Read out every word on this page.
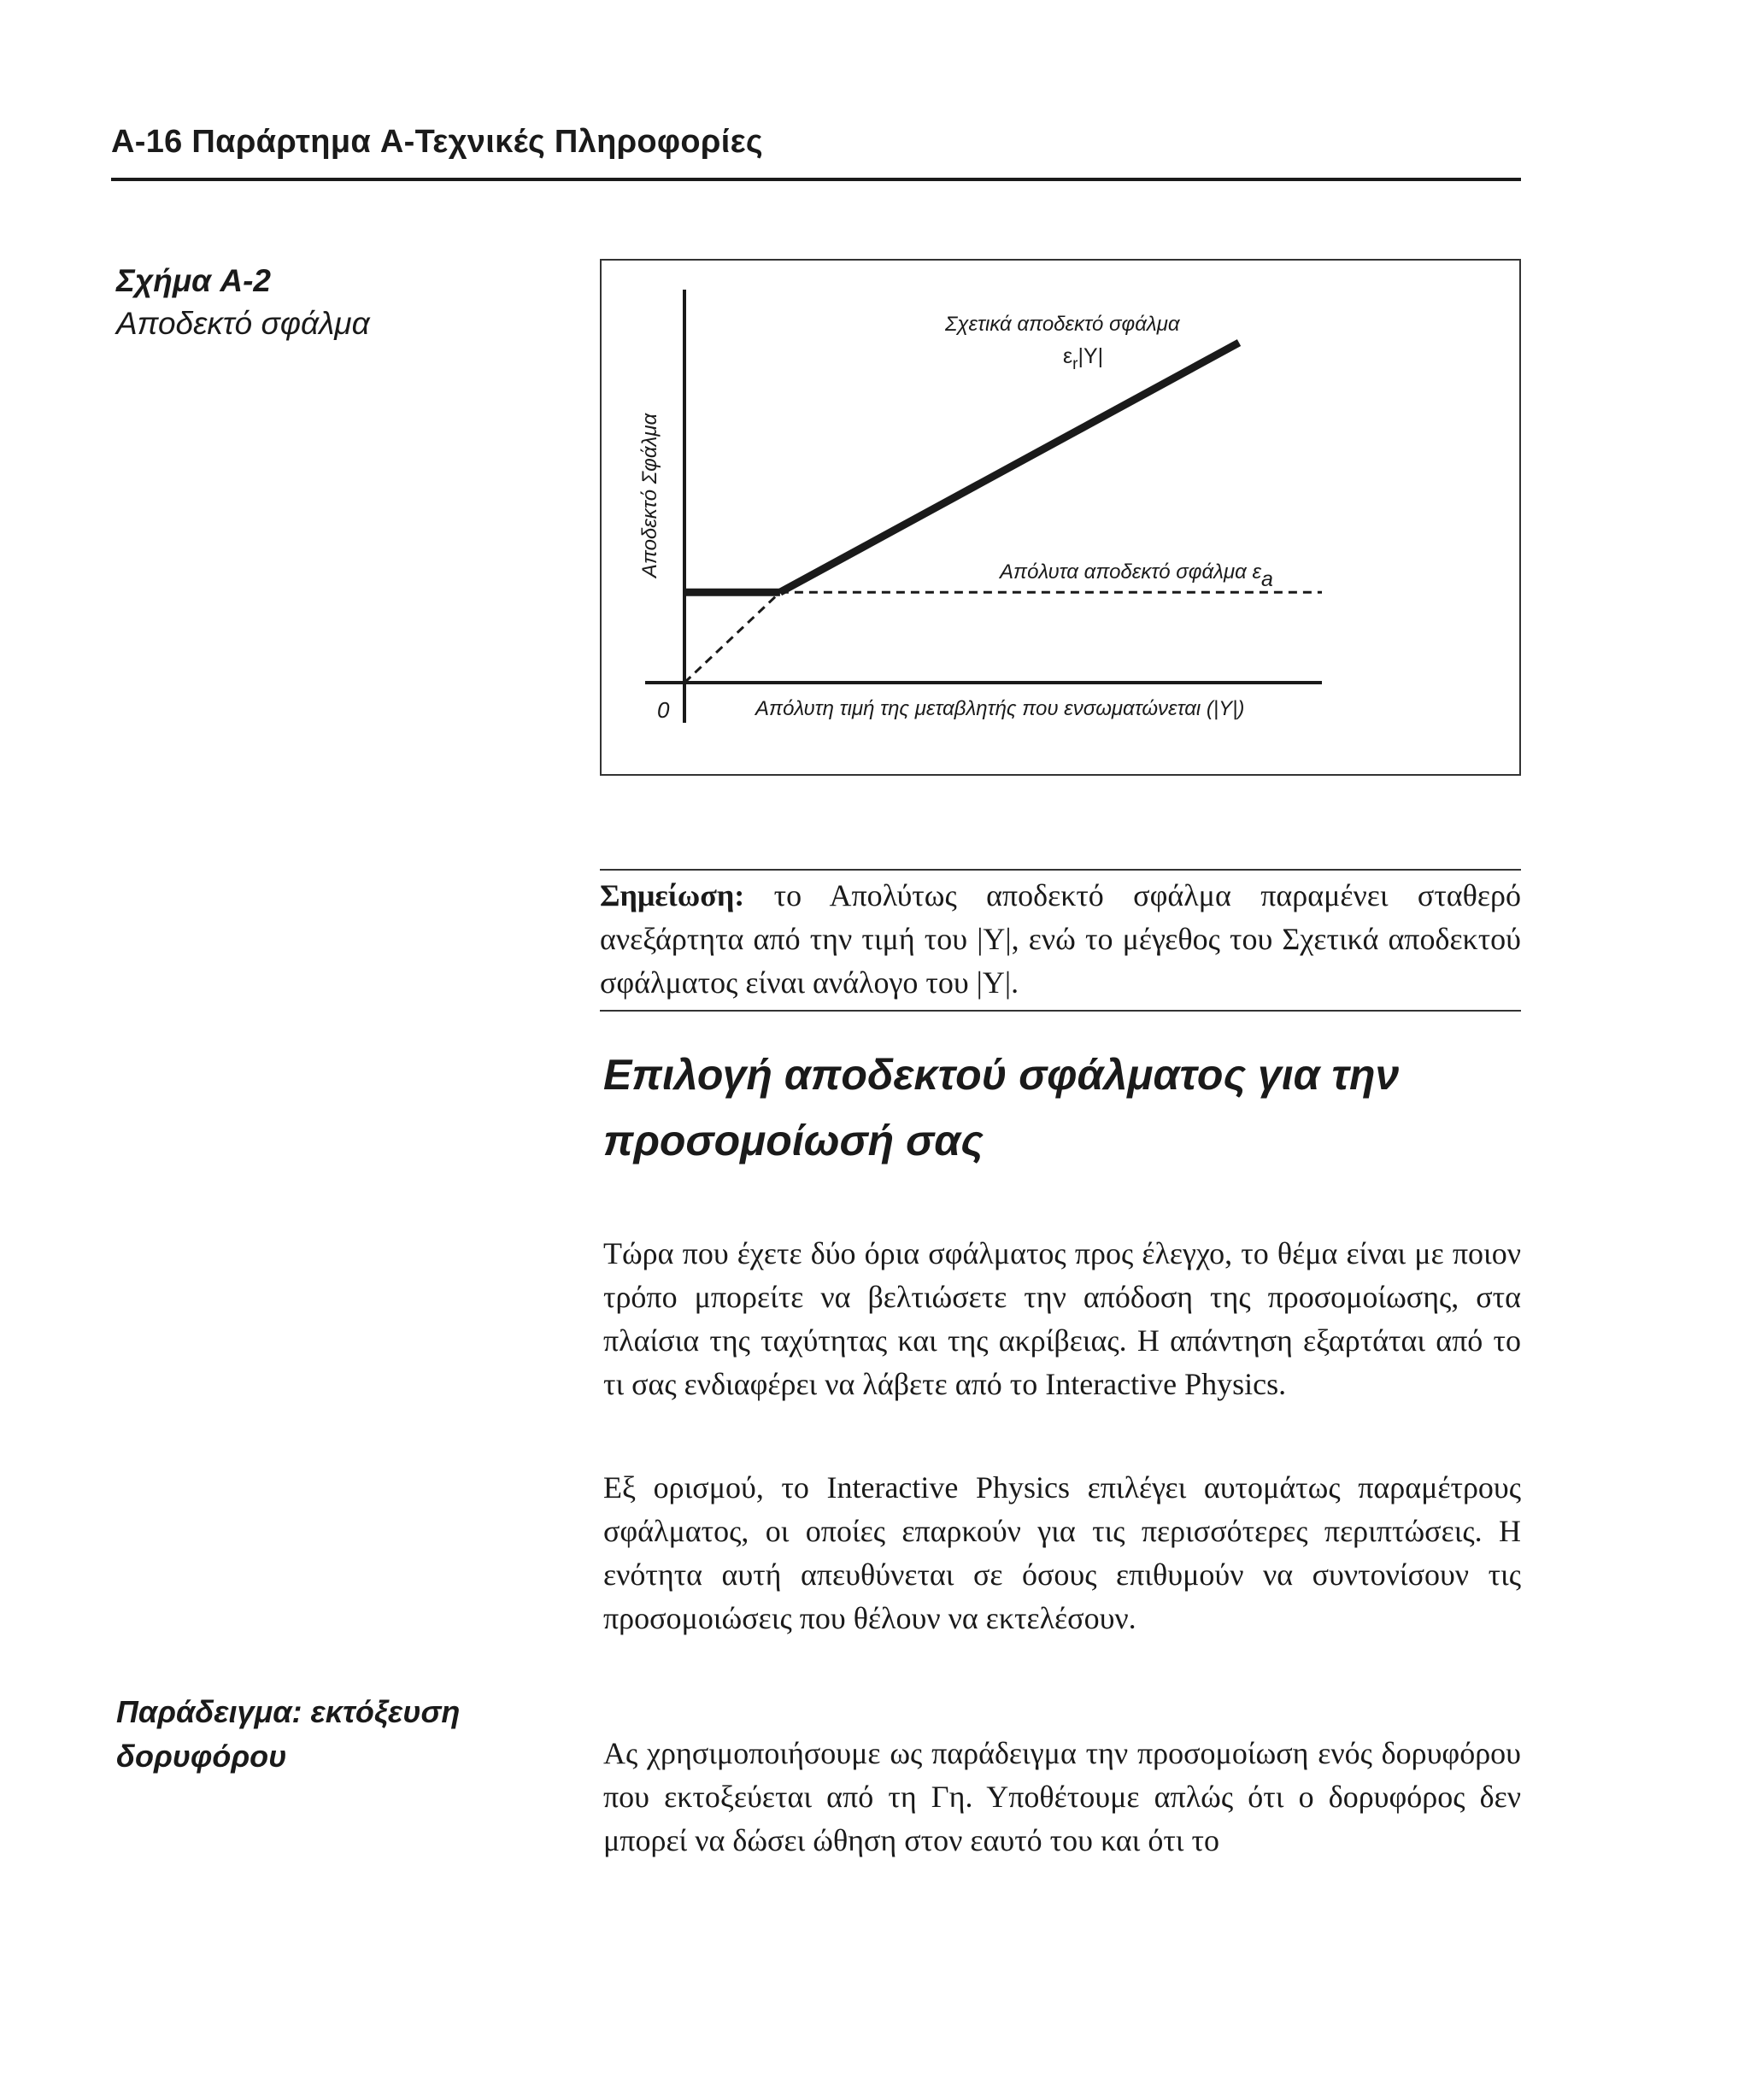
A-16 Παράρτημα A-Τεχνικές Πληροφορίες
Σχήμα A-2
Αποδεκτό σφάλμα
Αποδεκτό Σφάλμα
Απόλυτη τιμή της μεταβλητής που ενσωματώνεται (|Y|)
0
Σχετικά αποδεκτό σφάλμα
$\varepsilon_r|Y|$
Απόλυτα αποδεκτό σφάλμα εa
Σημείωση: το Απολύτως αποδεκτό σφάλμα παραμένει σταθερό ανεξάρτητα από την τιμή του |Y|, ενώ το μέγεθος του Σχετικά αποδεκτού σφάλματος είναι ανάλογο του |Y|.
Επιλογή αποδεκτού σφάλματος για την προσομοίωσή σας

Τώρα που έχετε δύο όρια σφάλματος προς έλεγχο, το θέμα είναι με ποιον τρόπο μπορείτε να βελτιώσετε την απόδοση της προσομοίωσης, στα πλαίσια της ταχύτητας και της ακρίβειας. Η απάντηση εξαρτάται από το τι σας ενδιαφέρει να λάβετε από το Interactive Physics.

Εξ ορισμού, το Interactive Physics επιλέγει αυτομάτως παραμέτρους σφάλματος, οι οποίες επαρκούν για τις περισσότερες περιπτώσεις. Η ενότητα αυτή απευθύνεται σε όσους επιθυμούν να συντονίσουν τις προσομοιώσεις που θέλουν να εκτελέσουν.

Ας χρησιμοποιήσουμε ως παράδειγμα την προσομοίωση ενός δορυφόρου που εκτοξεύεται από τη Γη. Υποθέτουμε απλώς ότι ο δορυφόρος δεν μπορεί να δώσει ώθηση στον εαυτό του και ότι το

Παράδειγμα: εκτόξευση δορυφόρου
